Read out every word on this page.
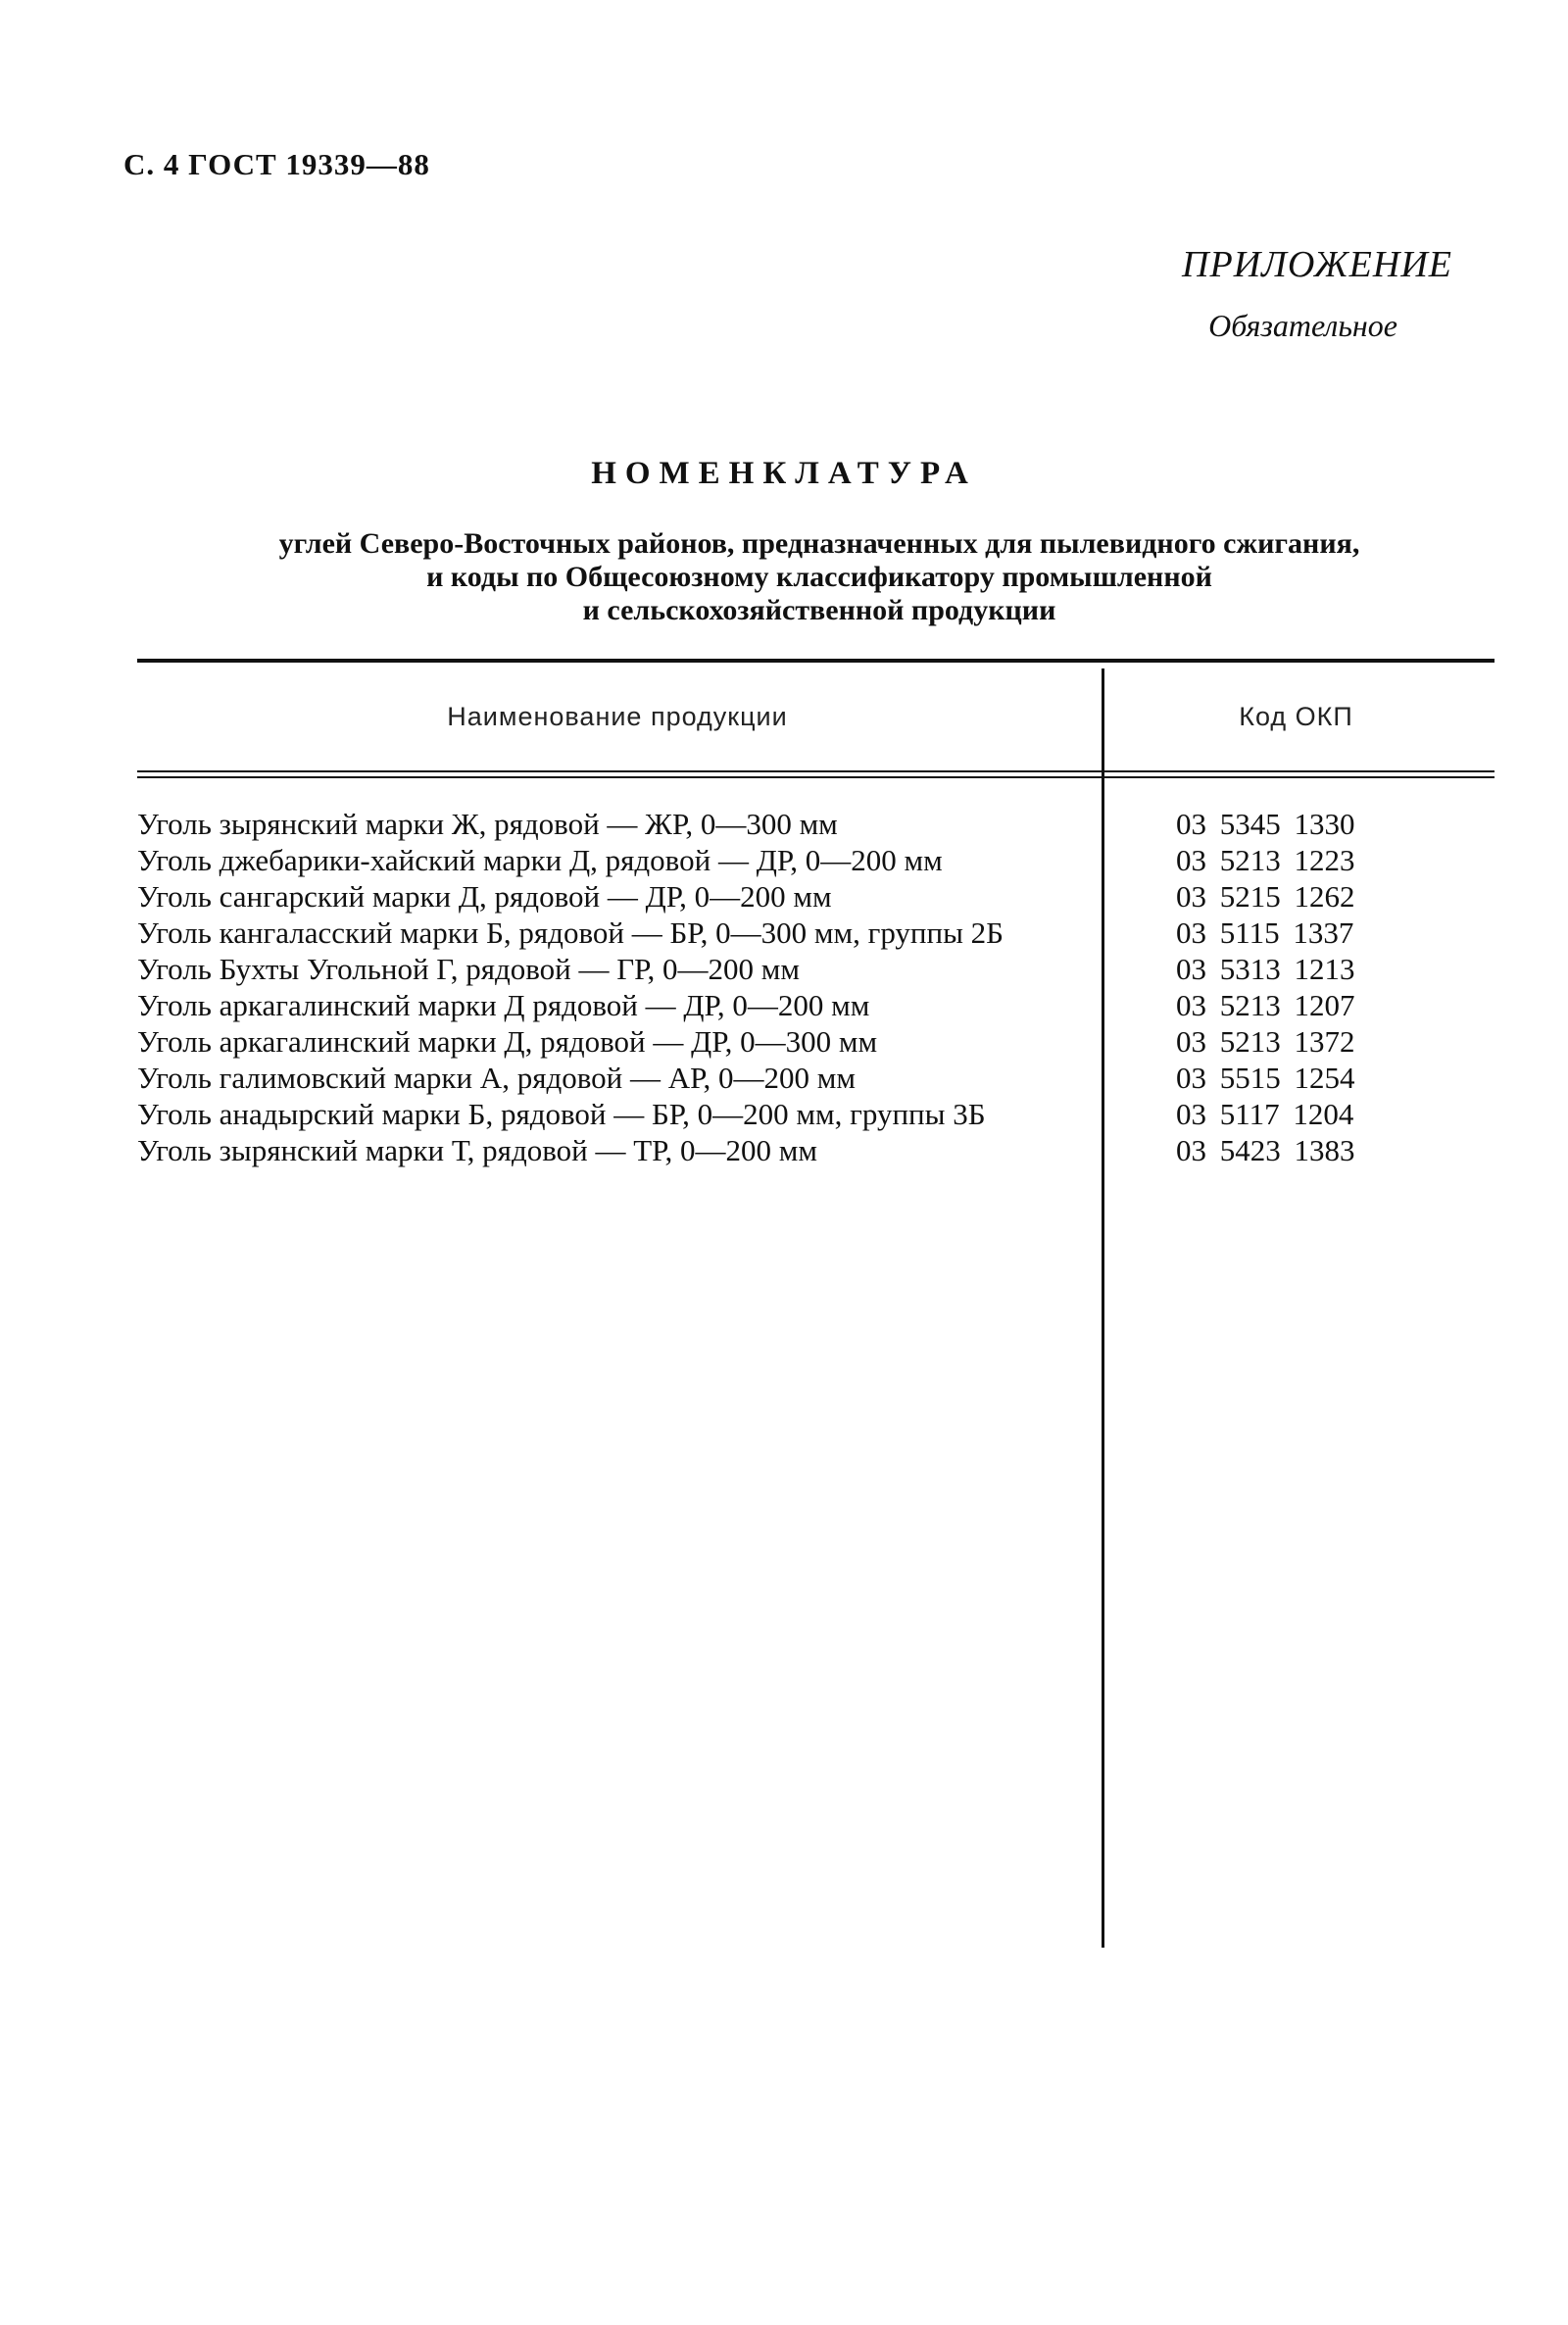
С. 4 ГОСТ 19339—88
ПРИЛОЖЕНИЕ
Обязательное
НОМЕНКЛАТУРА
углей Северо-Восточных районов, предназначенных для пылевидного сжигания,
и коды по Общесоюзному классификатору промышленной
и сельскохозяйственной продукции
Наименование продукции	Код ОКП
Уголь зырянский марки Ж, рядовой — ЖР, 0—300 мм	03 5345 1330
Уголь джебарики-хайский марки Д, рядовой — ДР, 0—200 мм	03 5213 1223
Уголь сангарский марки Д, рядовой — ДР, 0—200 мм	03 5215 1262
Уголь кангаласский марки Б, рядовой — БР, 0—300 мм, группы 2Б	03 5115 1337
Уголь Бухты Угольной Г, рядовой — ГР, 0—200 мм	03 5313 1213
Уголь аркагалинский марки Д рядовой — ДР, 0—200 мм	03 5213 1207
Уголь аркагалинский марки Д, рядовой — ДР, 0—300 мм	03 5213 1372
Уголь галимовский марки А, рядовой — АР, 0—200 мм	03 5515 1254
Уголь анадырский марки Б, рядовой — БР, 0—200 мм, группы 3Б	03 5117 1204
Уголь зырянский марки Т, рядовой — ТР, 0—200 мм	03 5423 1383
